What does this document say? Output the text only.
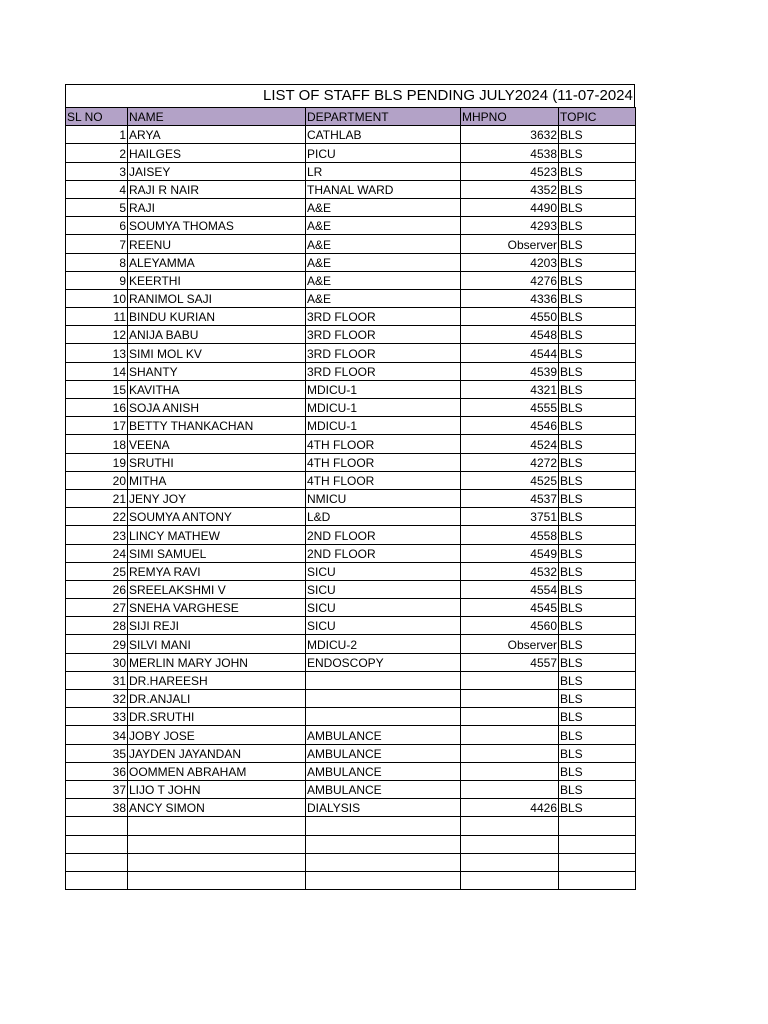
LIST OF STAFF BLS PENDING JULY2024 (11-07-2024
SL NO	NAME	DEPARTMENT	MHPNO	TOPIC
1	ARYA	CATHLAB	3632	BLS
2	HAILGES	PICU	4538	BLS
3	JAISEY	LR	4523	BLS
4	RAJI R NAIR	THANAL WARD	4352	BLS
5	RAJI	A&E	4490	BLS
6	SOUMYA THOMAS	A&E	4293	BLS
7	REENU	A&E	Observer	BLS
8	ALEYAMMA	A&E	4203	BLS
9	KEERTHI	A&E	4276	BLS
10	RANIMOL SAJI	A&E	4336	BLS
11	BINDU KURIAN	3RD FLOOR	4550	BLS
12	ANIJA BABU	3RD FLOOR	4548	BLS
13	SIMI MOL KV	3RD FLOOR	4544	BLS
14	SHANTY	3RD FLOOR	4539	BLS
15	KAVITHA	MDICU-1	4321	BLS
16	SOJA ANISH	MDICU-1	4555	BLS
17	BETTY THANKACHAN	MDICU-1	4546	BLS
18	VEENA	4TH FLOOR	4524	BLS
19	SRUTHI	4TH FLOOR	4272	BLS
20	MITHA	4TH FLOOR	4525	BLS
21	JENY JOY	NMICU	4537	BLS
22	SOUMYA ANTONY	L&D	3751	BLS
23	LINCY MATHEW	2ND FLOOR	4558	BLS
24	SIMI SAMUEL	2ND FLOOR	4549	BLS
25	REMYA RAVI	SICU	4532	BLS
26	SREELAKSHMI V	SICU	4554	BLS
27	SNEHA VARGHESE	SICU	4545	BLS
28	SIJI REJI	SICU	4560	BLS
29	SILVI MANI	MDICU-2	Observer	BLS
30	MERLIN MARY JOHN	ENDOSCOPY	4557	BLS
31	DR.HAREESH			BLS
32	DR.ANJALI			BLS
33	DR.SRUTHI			BLS
34	JOBY JOSE	AMBULANCE		BLS
35	JAYDEN JAYANDAN	AMBULANCE		BLS
36	OOMMEN ABRAHAM	AMBULANCE		BLS
37	LIJO T JOHN	AMBULANCE		BLS
38	ANCY SIMON	DIALYSIS	4426	BLS
